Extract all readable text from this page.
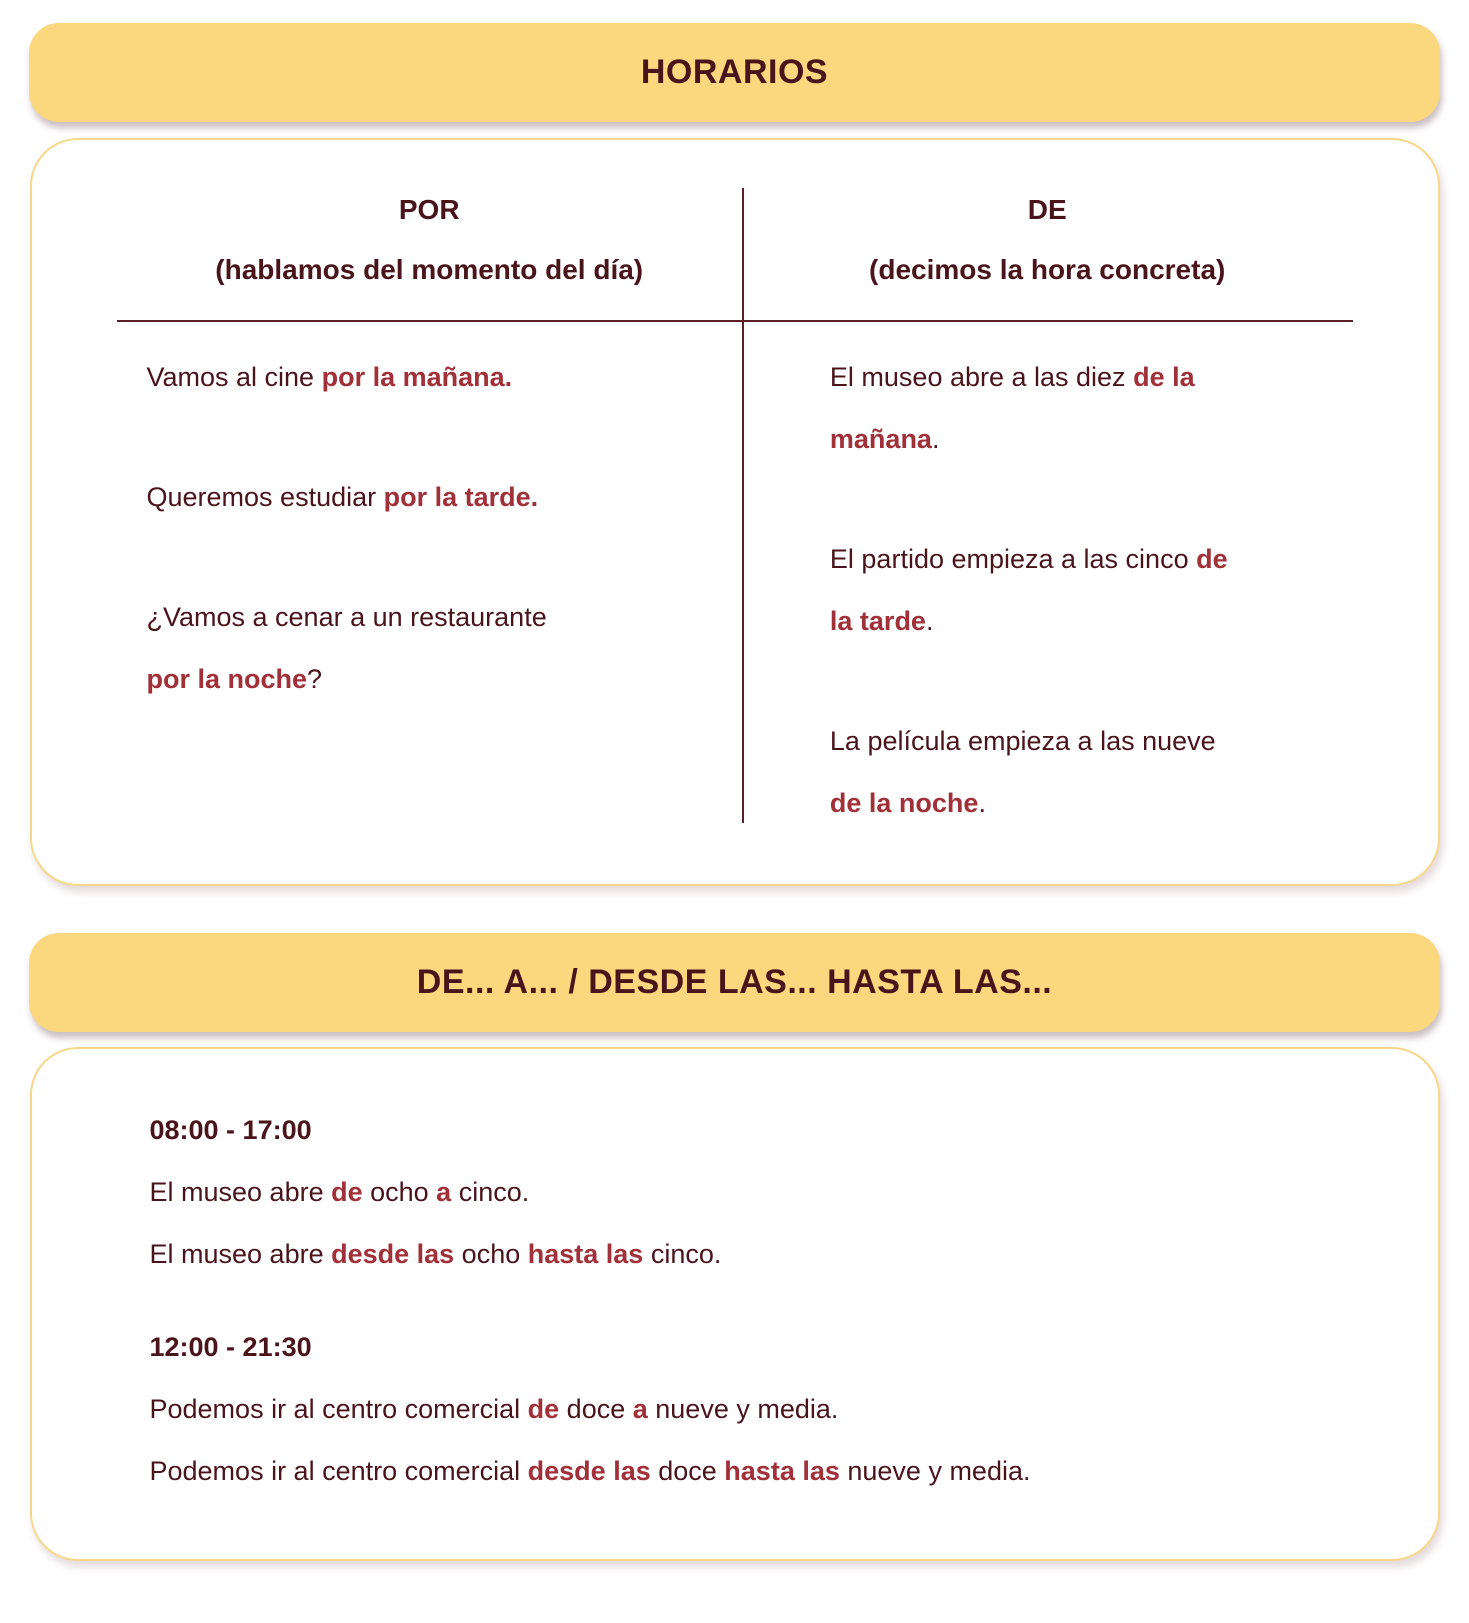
HORARIOS
POR
(hablamos del momento del día)
DE
(decimos la hora concreta)
Vamos al cine por la mañana.
Queremos estudiar por la tarde.
¿Vamos a cenar a un restaurante
por la noche?
El museo abre a las diez de la
mañana.
El partido empieza a las cinco de
la tarde.
La película empieza a las nueve
de la noche.
DE... A... / DESDE LAS... HASTA LAS...
08:00 - 17:00
El museo abre de ocho a cinco.
El museo abre desde las ocho hasta las cinco.
12:00 - 21:30
Podemos ir al centro comercial de doce a nueve y media.
Podemos ir al centro comercial desde las doce hasta las nueve y media.
